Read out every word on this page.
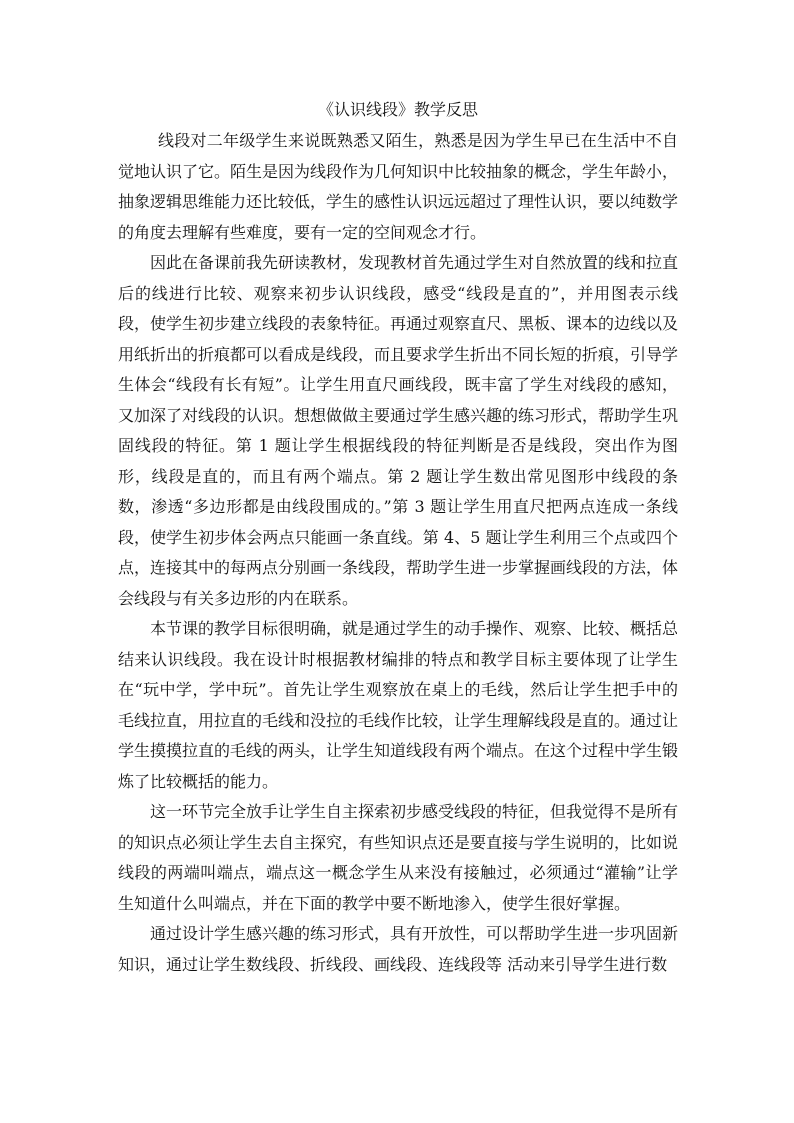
《认识线段》教学反思

线段对二年级学生来说既熟悉又陌生，熟悉是因为学生早已在生活中不自觉地认识了它。陌生是因为线段作为几何知识中比较抽象的概念，学生年龄小，抽象逻辑思维能力还比较低，学生的感性认识远远超过了理性认识，要以纯数学的角度去理解有些难度，要有一定的空间观念才行。

因此在备课前我先研读教材，发现教材首先通过学生对自然放置的线和拉直后的线进行比较、观察来初步认识线段，感受“线段是直的”，并用图表示线段，使学生初步建立线段的表象特征。再通过观察直尺、黑板、课本的边线以及用纸折出的折痕都可以看成是线段，而且要求学生折出不同长短的折痕，引导学生体会“线段有长有短”。让学生用直尺画线段，既丰富了学生对线段的感知，又加深了对线段的认识。想想做做主要通过学生感兴趣的练习形式，帮助学生巩固线段的特征。第 1 题让学生根据线段的特征判断是否是线段，突出作为图形，线段是直的，而且有两个端点。第 2 题让学生数出常见图形中线段的条数，渗透“多边形都是由线段围成的。”第 3 题让学生用直尺把两点连成一条线段，使学生初步体会两点只能画一条直线。第 4、5 题让学生利用三个点或四个点，连接其中的每两点分别画一条线段，帮助学生进一步掌握画线段的方法，体会线段与有关多边形的内在联系。

本节课的教学目标很明确，就是通过学生的动手操作、观察、比较、概括总结来认识线段。我在设计时根据教材编排的特点和教学目标主要体现了让学生在“玩中学，学中玩”。首先让学生观察放在桌上的毛线，然后让学生把手中的毛线拉直，用拉直的毛线和没拉的毛线作比较，让学生理解线段是直的。通过让学生摸摸拉直的毛线的两头，让学生知道线段有两个端点。在这个过程中学生锻炼了比较概括的能力。

这一环节完全放手让学生自主探索初步感受线段的特征，但我觉得不是所有的知识点必须让学生去自主探究，有些知识点还是要直接与学生说明的，比如说线段的两端叫端点，端点这一概念学生从来没有接触过，必须通过“灌输”让学生知道什么叫端点，并在下面的教学中要不断地渗入，使学生很好掌握。

通过设计学生感兴趣的练习形式，具有开放性，可以帮助学生进一步巩固新知识，通过让学生数线段、折线段、画线段、连线段等 活动来引导学生进行数
